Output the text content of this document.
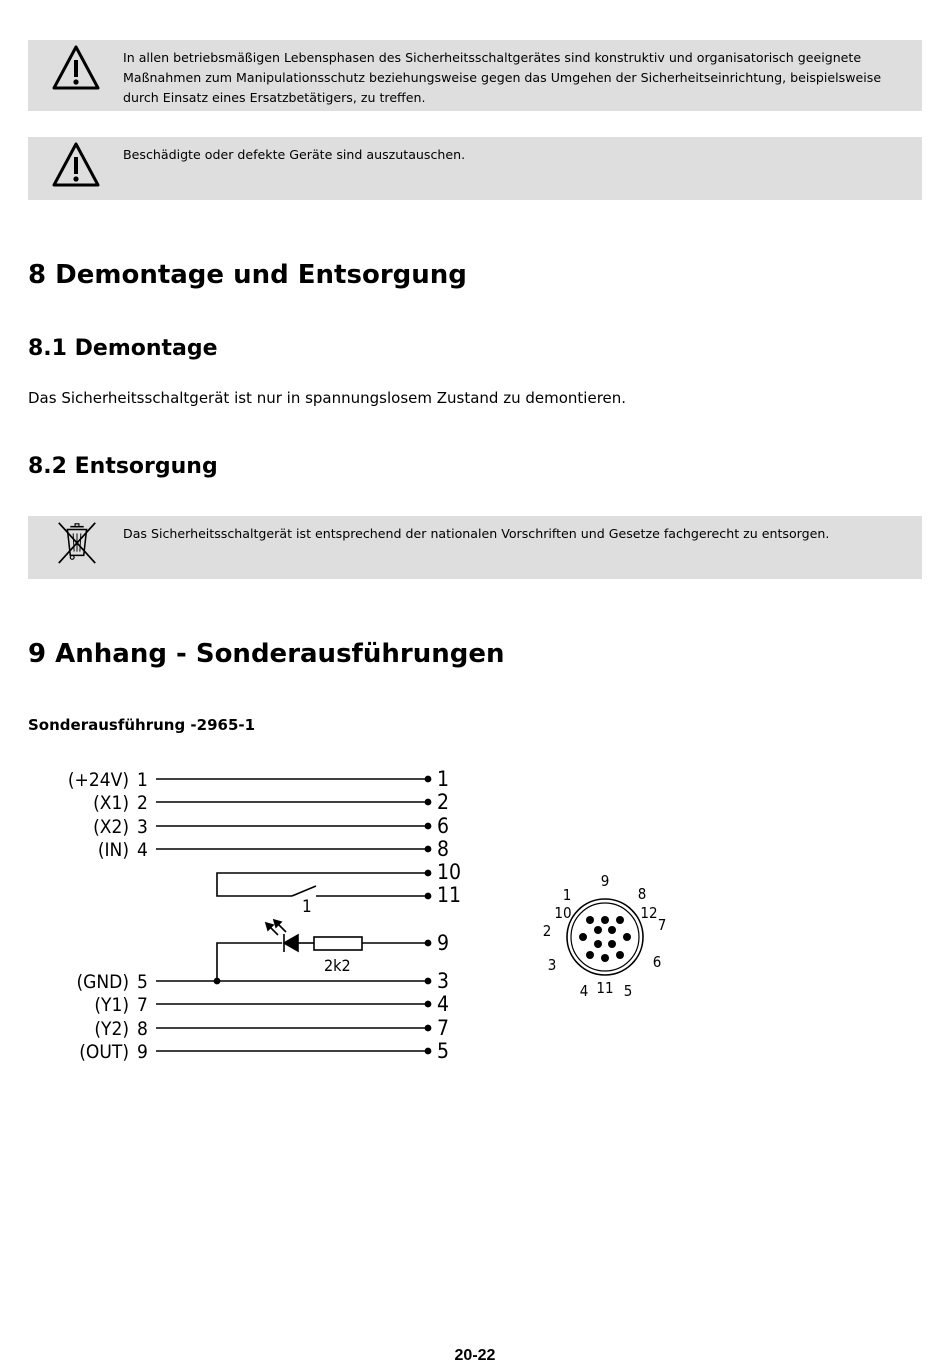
In allen betriebsmäßigen Lebensphasen des Sicherheitsschaltgerätes sind konstruktiv und organisatorisch geeignete Maßnahmen zum Manipulationsschutz beziehungsweise gegen das Umgehen der Sicherheitseinrichtung, beispielsweise durch Einsatz eines Ersatzbetätigers, zu treffen.
Beschädigte oder defekte Geräte sind auszutauschen.
8 Demontage und Entsorgung
8.1 Demontage

Das Sicherheitsschaltgerät ist nur in spannungslosem Zustand zu demontieren.

8.2 Entsorgung
Das Sicherheitsschaltgerät ist entsprechend der nationalen Vorschriften und Gesetze fachgerecht zu entsorgen.
9 Anhang - Sonderausführungen
Sonderausführung -2965-1
(+24V) 1	1
(X1) 2	2
(X2) 3	6
(IN) 4	8
(GND) 5	3
(Y1) 7	4
(Y2) 8	7
(OUT) 9	5
1
10
11
2k2
9
1
2
3
4 5
6
7
8
9
10
11
12
20-22
